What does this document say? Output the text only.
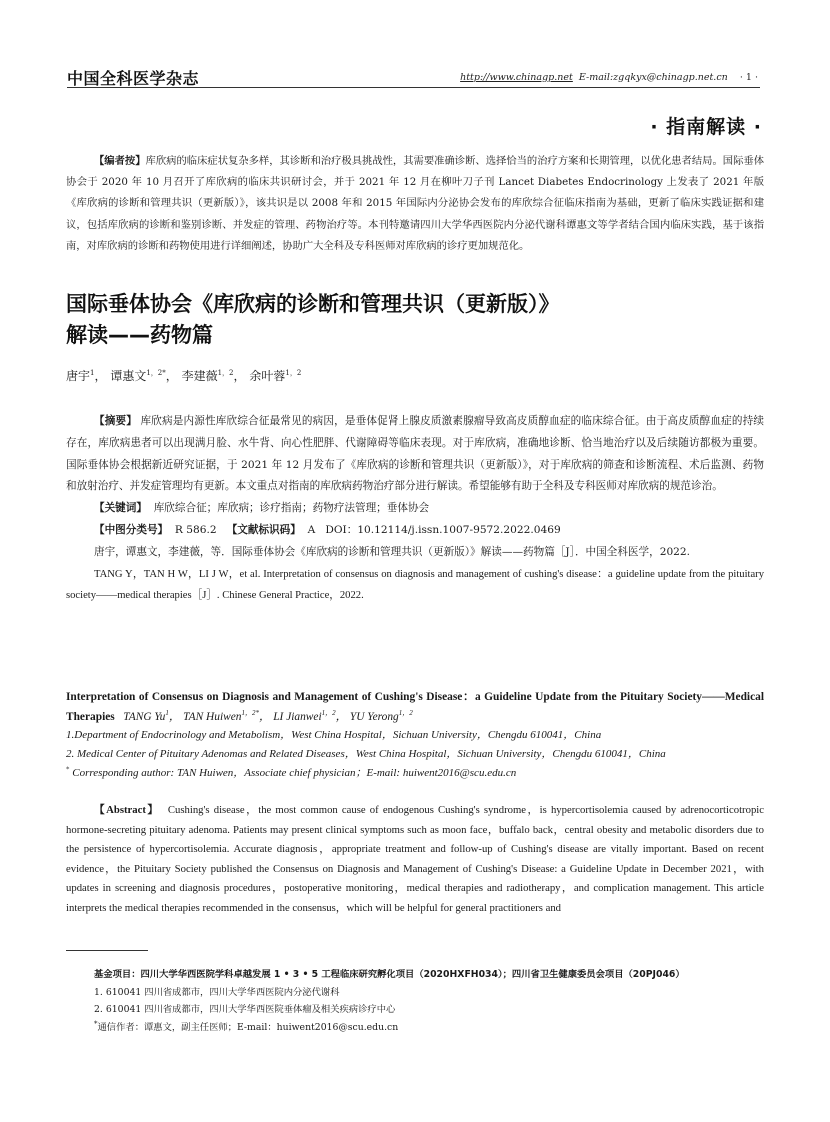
中国全科医学杂志	http://www.chinagp.net E-mail:zgqkyx@chinagp.net.cn · 1 ·
· 指南解读 ·
【编者按】库欣病的临床症状复杂多样，其诊断和治疗极具挑战性，其需要准确诊断、选择恰当的治疗方案和长期管理，以优化患者结局。国际垂体协会于 2020 年 10 月召开了库欣病的临床共识研讨会，并于 2021 年 12 月在柳叶刀子刊 Lancet Diabetes Endocrinology 上发表了 2021 年版《库欣病的诊断和管理共识（更新版）》，该共识是以 2008 年和 2015 年国际内分泌协会发布的库欣综合征临床指南为基础，更新了临床实践证据和建议，包括库欣病的诊断和鉴别诊断、并发症的管理、药物治疗等。本刊特邀请四川大学华西医院内分泌代谢科谭惠文等学者结合国内临床实践，基于该指南，对库欣病的诊断和药物使用进行详细阐述，协助广大全科及专科医师对库欣病的诊疗更加规范化。
国际垂体协会《库欣病的诊断和管理共识（更新版）》
解读——药物篇
唐宇$^1$， 谭惠文$^{1,2*}$， 李建薇$^{1,2}$， 余叶蓉$^{1,2}$

【摘要】 库欣病是内源性库欣综合征最常见的病因，是垂体促肾上腺皮质激素腺瘤导致高皮质醇血症的临床综合征。由于高皮质醇血症的持续存在，库欣病患者可以出现满月脸、水牛背、向心性肥胖、代谢障碍等临床表现。对于库欣病，准确地诊断、恰当地治疗以及后续随访都极为重要。国际垂体协会根据新近研究证据，于 2021 年 12 月发布了《库欣病的诊断和管理共识（更新版）》，对于库欣病的筛查和诊断流程、术后监测、药物和放射治疗、并发症管理均有更新。本文重点对指南的库欣病药物治疗部分进行解读。希望能够有助于全科及专科医师对库欣病的规范诊治。

【关键词】 库欣综合征；库欣病；诊疗指南；药物疗法管理；垂体协会

【中图分类号】 R 586.2 【文献标识码】 A DOI：10.12114/j.issn.1007-9572.2022.0469

唐宇，谭惠文，李建薇，等．国际垂体协会《库欣病的诊断和管理共识（更新版）》解读——药物篇［J］．中国全科医学，2022.

TANG Y，TAN H W，LI J W，et al. Interpretation of consensus on diagnosis and management of cushing's disease：a guideline update from the pituitary society——medical therapies［J］. Chinese General Practice，2022.

Interpretation of Consensus on Diagnosis and Management of Cushing's Disease：a Guideline Update from the Pituitary Society——Medical Therapies TANG Yu$^1$， TAN Huiwen$^{1,2*}$， LI Jianwei$^{1,2}$， YU Yerong$^{1,2}$

1.Department of Endocrinology and Metabolism，West China Hospital，Sichuan University，Chengdu 610041，China

2. Medical Center of Pituitary Adenomas and Related Diseases，West China Hospital，Sichuan University，Chengdu 610041，China

* Corresponding author: TAN Huiwen，Associate chief physician；E-mail: huiwent2016@scu.edu.cn

【Abstract】 Cushing's disease，the most common cause of endogenous Cushing's syndrome，is hypercortisolemia caused by adrenocorticotropic hormone-secreting pituitary adenoma. Patients may present clinical symptoms such as moon face，buffalo back，central obesity and metabolic disorders due to the persistence of hypercortisolemia. Accurate diagnosis，appropriate treatment and follow-up of Cushing's disease are vitally important. Based on recent evidence，the Pituitary Society published the Consensus on Diagnosis and Management of Cushing's Disease: a Guideline Update in December 2021，with updates in screening and diagnosis procedures，postoperative monitoring，medical therapies and radiotherapy，and complication management. This article interprets the medical therapies recommended in the consensus，which will be helpful for general practitioners and

基金项目：四川大学华西医院学科卓越发展 1 • 3 • 5 工程临床研究孵化项目（2020HXFH034）；四川省卫生健康委员会项目（20PJ046）

1. 610041 四川省成都市，四川大学华西医院内分泌代谢科

2. 610041 四川省成都市，四川大学华西医院垂体瘤及相关疾病诊疗中心

*通信作者：谭惠文，副主任医师；E-mail：huiwent2016@scu.edu.cn
